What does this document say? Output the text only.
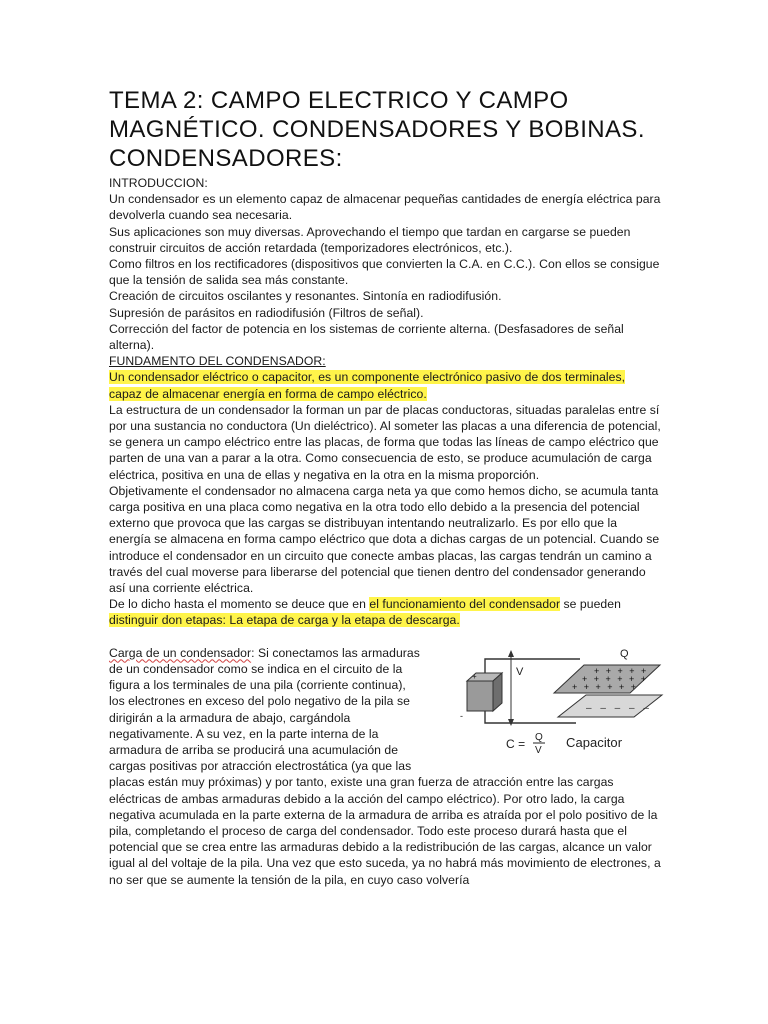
TEMA 2: CAMPO ELECTRICO Y CAMPO
MAGNÉTICO. CONDENSADORES Y BOBINAS.
CONDENSADORES:

INTRODUCCION:

Un condensador es un elemento capaz de almacenar pequeñas cantidades de energía eléctrica para devolverla cuando sea necesaria.

Sus aplicaciones son muy diversas. Aprovechando el tiempo que tardan en cargarse se pueden construir circuitos de acción retardada (temporizadores electrónicos, etc.).

Como filtros en los rectificadores (dispositivos que convierten la C.A. en C.C.). Con ellos se consigue que la tensión de salida sea más constante.

Creación de circuitos oscilantes y resonantes. Sintonía en radiodifusión.

Supresión de parásitos en radiodifusión (Filtros de señal).

Corrección del factor de potencia en los sistemas de corriente alterna. (Desfasadores de señal alterna).

FUNDAMENTO DEL CONDENSADOR:

Un condensador eléctrico o capacitor, es un componente electrónico pasivo de dos terminales, capaz de almacenar energía en forma de campo eléctrico.

La estructura de un condensador la forman un par de placas conductoras, situadas paralelas entre sí por una sustancia no conductora (Un dieléctrico). Al someter las placas a una diferencia de potencial, se genera un campo eléctrico entre las placas, de forma que todas las líneas de campo eléctrico que parten de una van a parar a la otra. Como consecuencia de esto, se produce acumulación de carga eléctrica, positiva en una de ellas y negativa en la otra en la misma proporción.

Objetivamente el condensador no almacena carga neta ya que como hemos dicho, se acumula tanta carga positiva en una placa como negativa en la otra todo ello debido a la presencia del potencial externo que provoca que las cargas se distribuyan intentando neutralizarlo. Es por ello que la energía se almacena en forma campo eléctrico que dota a dichas cargas de un potencial. Cuando se introduce el condensador en un circuito que conecte ambas placas, las cargas tendrán un camino a través del cual moverse para liberarse del potencial que tienen dentro del condensador generando así una corriente eléctrica.

De lo dicho hasta el momento se deuce que en el funcionamiento del condensador se pueden distinguir don etapas: La etapa de carga y la etapa de descarga.

Carga de un condensador: Si conectamos las armaduras de un condensador como se indica en el circuito de la figura a los terminales de una pila (corriente continua), los electrones en exceso del polo negativo de la pila se dirigirán a la armadura de abajo, cargándola negativamente. A su vez, en la parte interna de la armadura de arriba se producirá una acumulación de cargas positivas por atracción electrostática (ya que las

placas están muy próximas) y por tanto, existe una gran fuerza de atracción entre las cargas eléctricas de ambas armaduras debido a la acción del campo eléctrico). Por otro lado, la carga negativa acumulada en la parte externa de la armadura de arriba es atraída por el polo positivo de la pila, completando el proceso de carga del condensador. Todo este proceso durará hasta que el potencial que se crea entre las armaduras debido a la redistribución de las cargas, alcance un valor igual al del voltaje de la pila. Una vez que esto suceda, ya no habrá más movimiento de electrones, a no ser que se aumente la tensión de la pila, en cuyo caso volvería

+
-
V
– – – – –
+ + + + +
+ + + + + +
+ + + + + +
Q
C = Q
V
Capacitor
